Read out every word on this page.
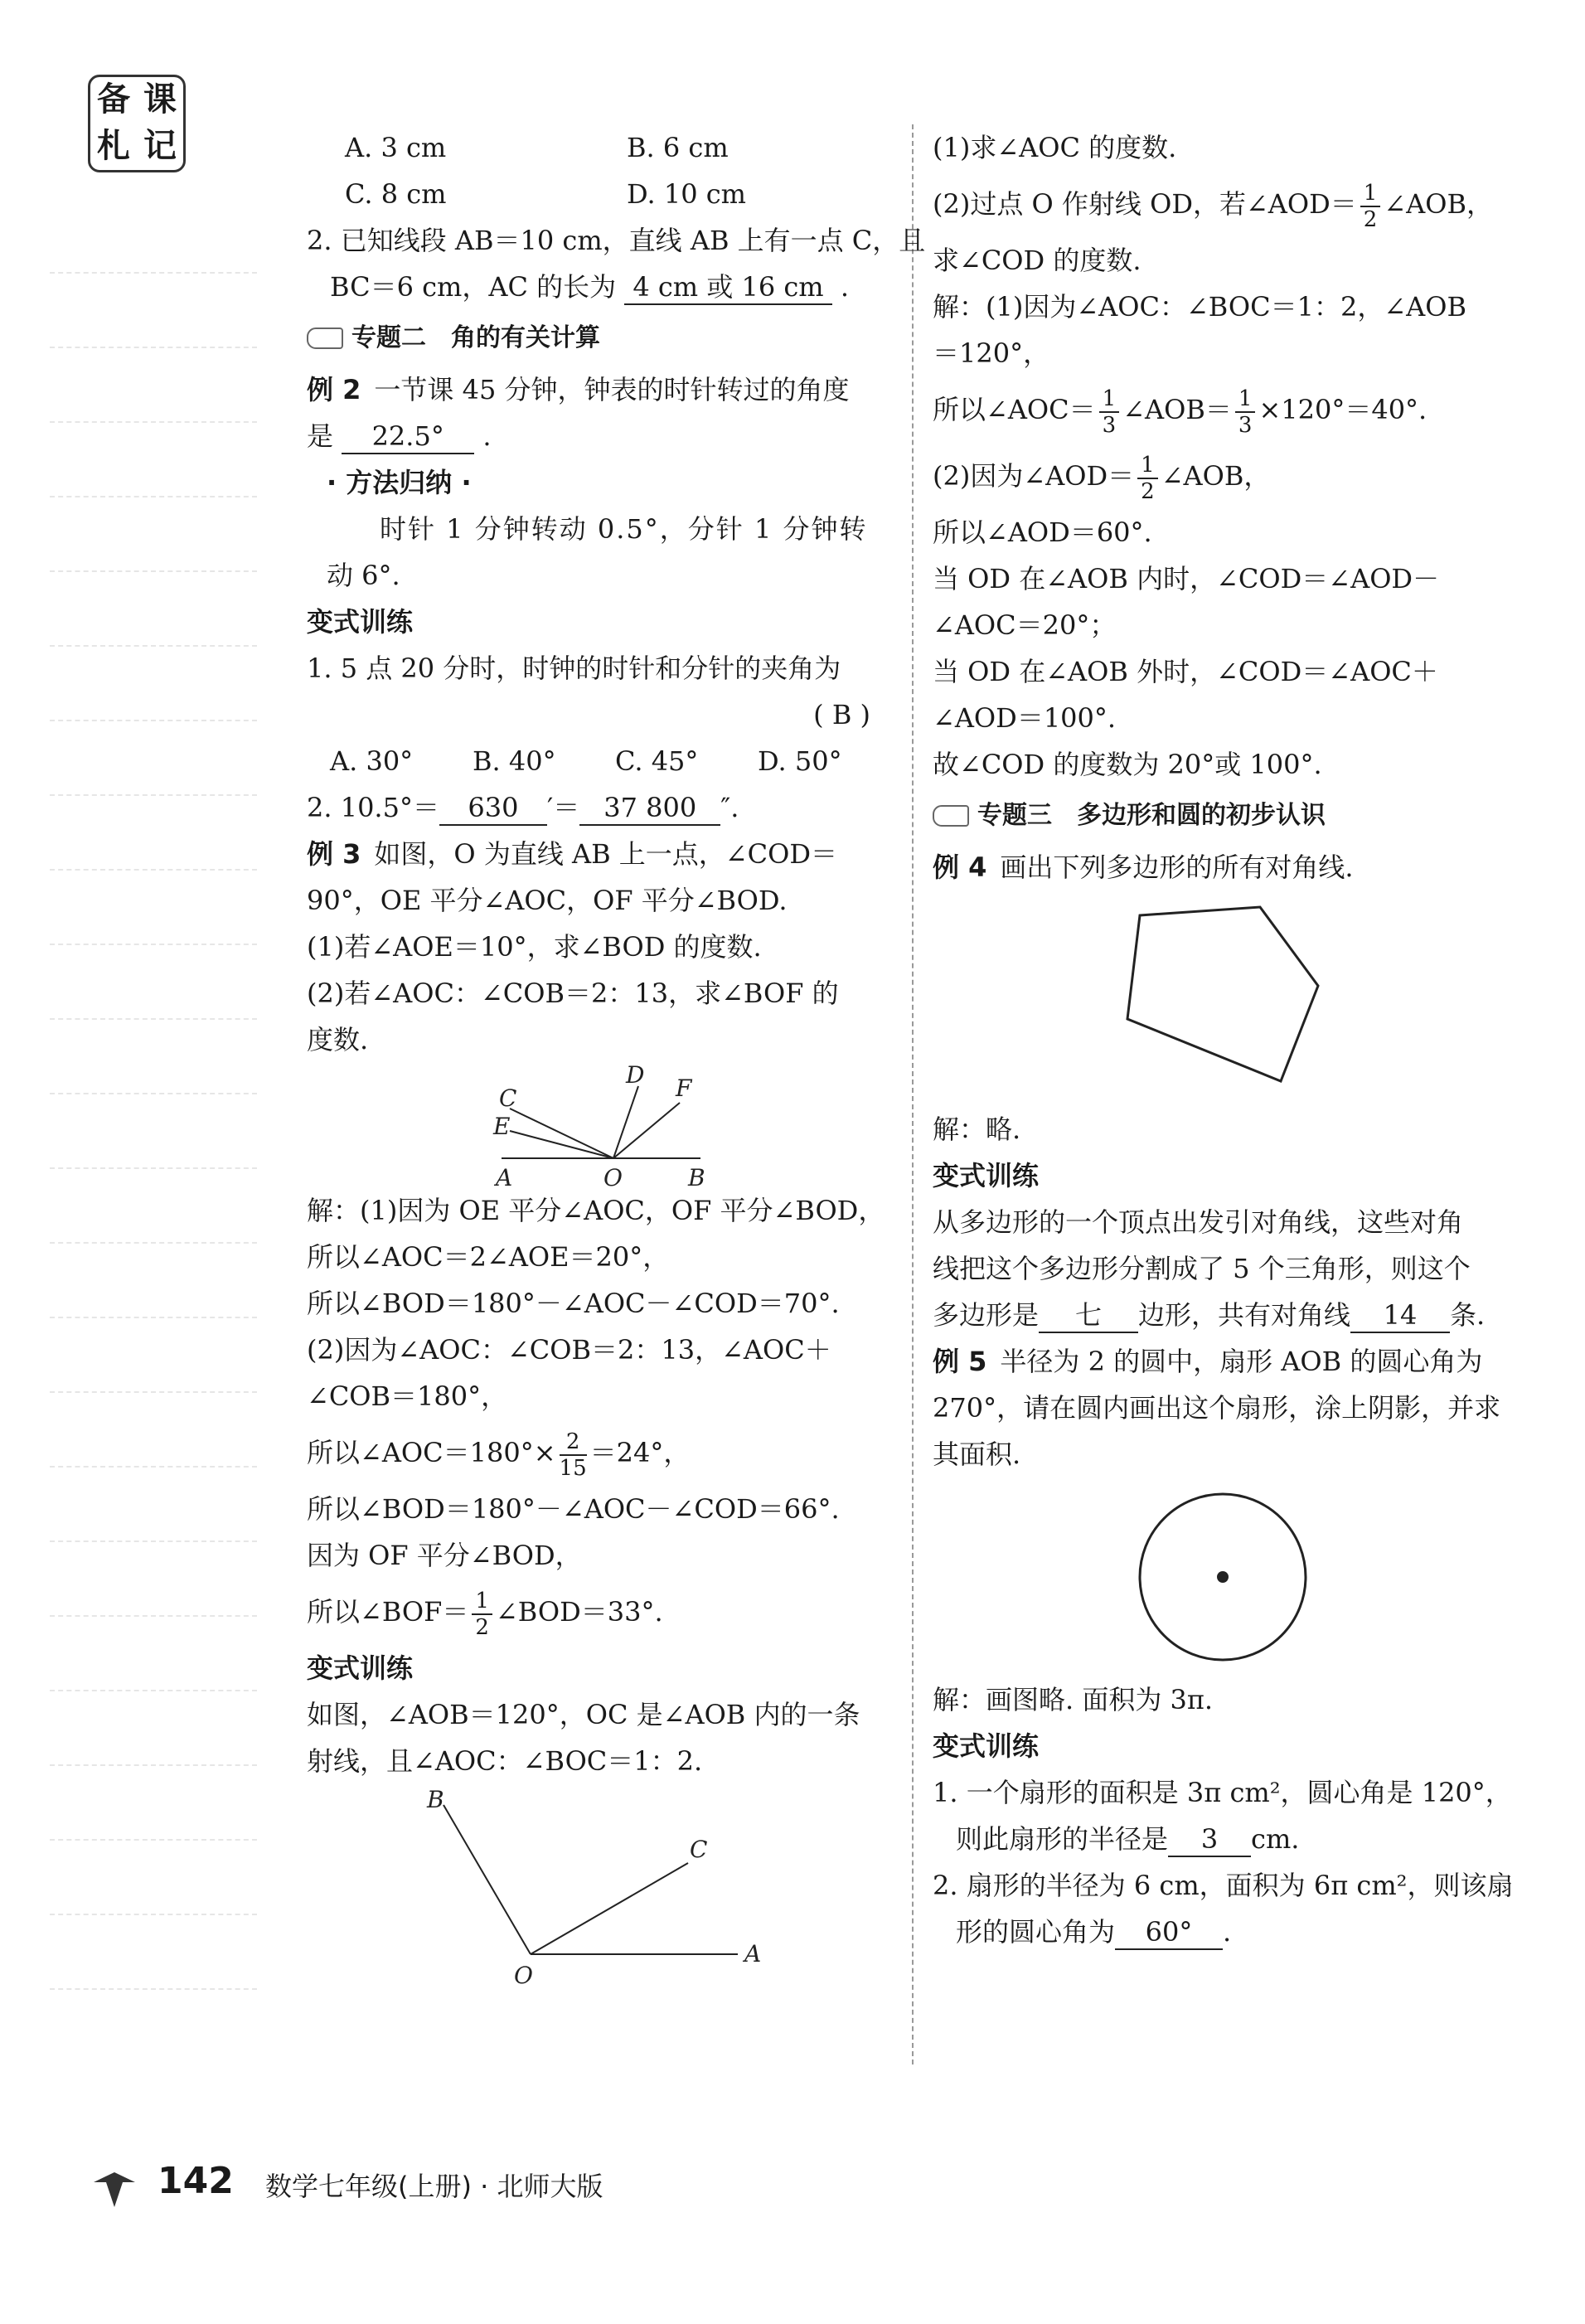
备 课
札 记	A. 3 cm	B. 6 cm
C. 8 cm	D. 10 cm
2. 已知线段 AB＝10 cm，直线 AB 上有一点 C，且
BC＝6 cm，AC 的长为 4 cm 或 16 cm .
专题二　角的有关计算
例 2 一节课 45 分钟，钟表的时针转过的角度
是 22.5° .
· 方法归纳 ·
时针 1 分钟转动 0.5°，分针 1 分钟转
动 6°.
变式训练
1. 5 点 20 分时，时钟的时针和分针的夹角为
( B )
A. 30°	B. 40°	C. 45°	D. 50°
2. 10.5°＝ 630 ′＝ 37 800 ″.
例 3 如图，O 为直线 AB 上一点，∠COD＝
90°，OE 平分∠AOC，OF 平分∠BOD.
(1)若∠AOE＝10°，求∠BOD 的度数.
(2)若∠AOC：∠COB＝2：13，求∠BOF 的
度数.
C
E
A
D F
O	B
解：(1)因为 OE 平分∠AOC，OF 平分∠BOD，
所以∠AOC＝2∠AOE＝20°，
所以∠BOD＝180°－∠AOC－∠COD＝70°.
(2)因为∠AOC：∠COB＝2：13，∠AOC＋
∠COB＝180°，
所以∠AOC＝180°× $\frac{2}{15} =24^\circ$，
所以∠BOD＝180°－∠AOC－∠COD＝66°.
因为 OF 平分∠BOD，
所以∠BOF＝ $\frac{1}{2}$ ∠BOD＝33°.
变式训练
如图，∠AOB＝120°，OC 是∠AOB 内的一条
射线，且∠AOC：∠BOC＝1：2.
B
C
O
A
(1)求∠AOC 的度数.
(2)过点 O 作射线 OD，若∠AOD＝ $\frac{1}{2}$ ∠AOB，
求∠COD 的度数.
解：(1)因为∠AOC：∠BOC＝1：2，∠AOB
＝120°，
所以∠AOC＝ $\frac{1}{3}$ ∠AOB＝ $\frac{1}{3} \times 120^\circ=40^\circ$.
(2)因为∠AOD＝ $\frac{1}{2}$ ∠AOB，
所以∠AOD＝60°.
当 OD 在∠AOB 内时，∠COD＝∠AOD－
∠AOC＝20°；
当 OD 在∠AOB 外时，∠COD＝∠AOC＋
∠AOD＝100°.
故∠COD 的度数为 20°或 100°.
专题三　多边形和圆的初步认识
例 4 画出下列多边形的所有对角线.
解：略.
变式训练
从多边形的一个顶点出发引对角线，这些对角
线把这个多边形分割成了 5 个三角形，则这个
多边形是 七 边形，共有对角线 14 条.
例 5 半径为 2 的圆中，扇形 AOB 的圆心角为
270°，请在圆内画出这个扇形，涂上阴影，并求
其面积.
解：画图略. 面积为 3π.
变式训练
1. 一个扇形的面积是 3π cm²，圆心角是 120°，
则此扇形的半径是 3 cm.
2. 扇形的半径为 6 cm，面积为 6π cm²，则该扇
形的圆心角为 60° .
142 数学七年级(上册) · 北师大版
